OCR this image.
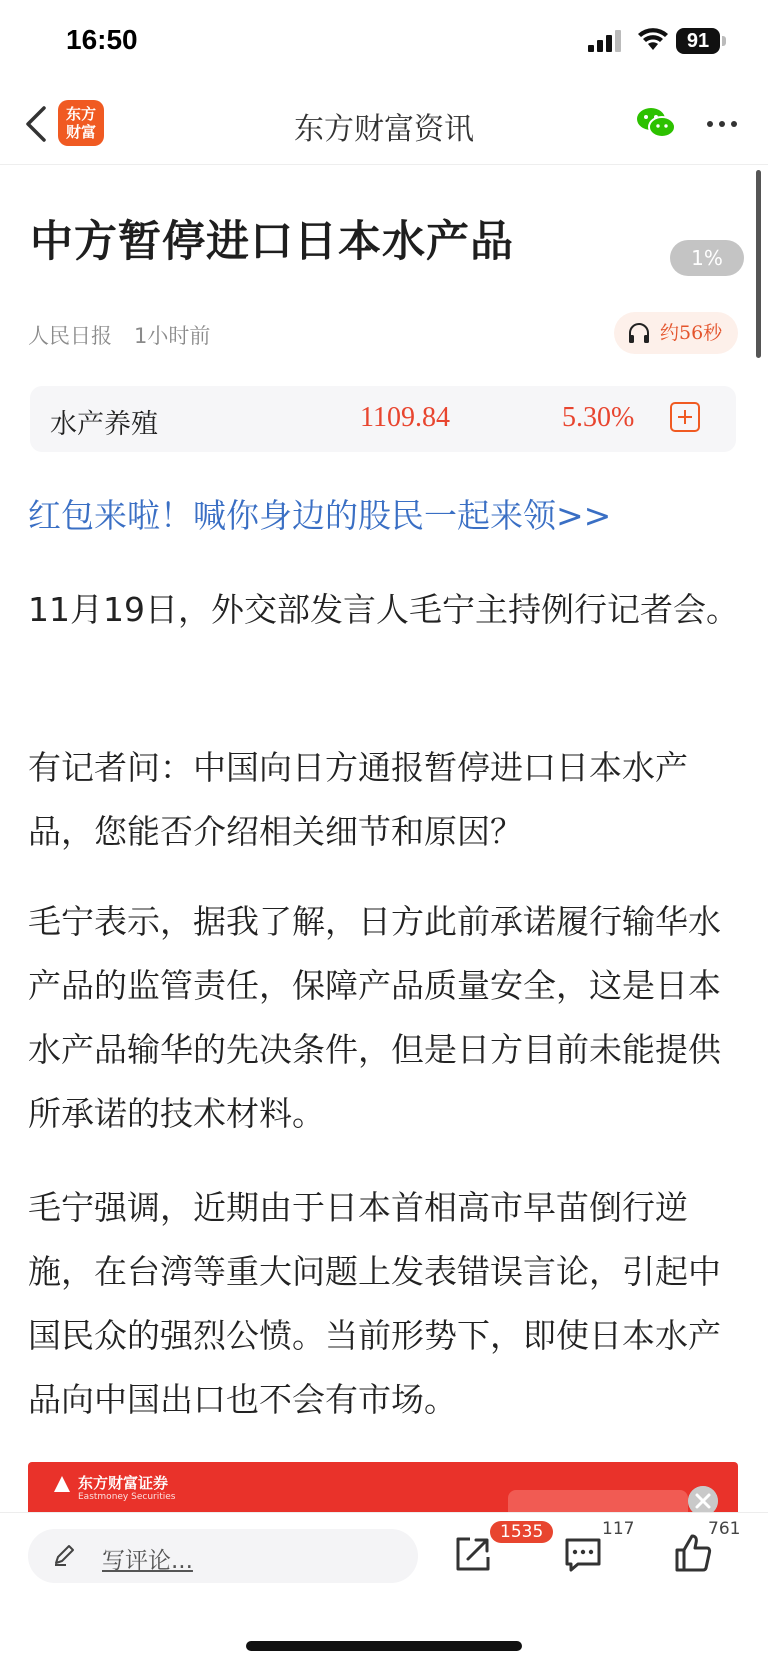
16:50	91
东方
财富	东方财富资讯
中方暂停进口日本水产品	1%
人民日报 1小时前	约56秒
水产养殖	1109.84	5.30%
红包来啦！喊你身边的股民一起来领>>

11月19日，外交部发言人毛宁主持例行记者会。

有记者问：中国向日方通报暂停进口日本水产品，您能否介绍相关细节和原因？

毛宁表示，据我了解，日方此前承诺履行输华水产品的监管责任，保障产品质量安全，这是日本水产品输华的先决条件，但是日方目前未能提供所承诺的技术材料。

毛宁强调，近期由于日本首相高市早苗倒行逆施，在台湾等重大问题上发表错误言论，引起中国民众的强烈公愤。当前形势下，即使日本水产品向中国出口也不会有市场。

东方财富证券
Eastmoney Securities
写评论...
1535	117	761
